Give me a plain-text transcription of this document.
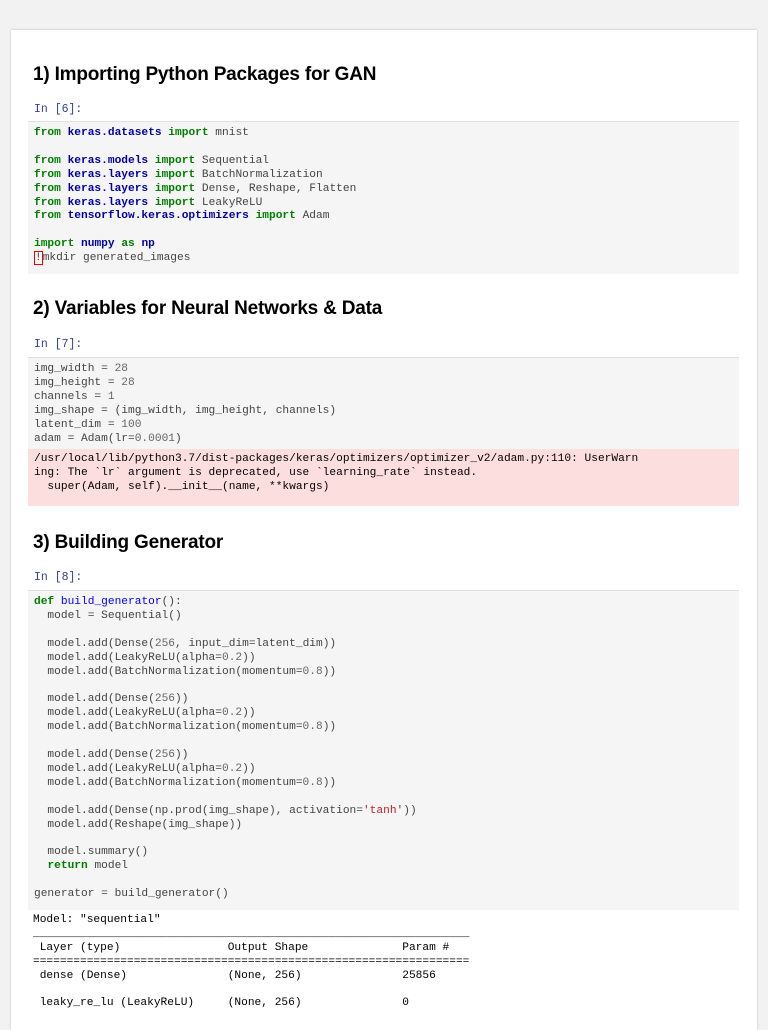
1) Importing Python Packages for GAN
In [6]:
from keras.datasets import mnist

from keras.models import Sequential
from keras.layers import BatchNormalization
from keras.layers import Dense, Reshape, Flatten
from keras.layers import LeakyReLU
from tensorflow.keras.optimizers import Adam

import numpy as np
!mkdir generated_images
2) Variables for Neural Networks & Data
In [7]:
img_width = 28
img_height = 28
channels = 1
img_shape = (img_width, img_height, channels)
latent_dim = 100
adam = Adam(lr=0.0001)
/usr/local/lib/python3.7/dist-packages/keras/optimizers/optimizer_v2/adam.py:110: UserWarn
ing: The `lr` argument is deprecated, use `learning_rate` instead.
super(Adam, self).__init__(name, **kwargs)
3) Building Generator
In [8]:
def build_generator():
model = Sequential()

model.add(Dense(256, input_dim=latent_dim))
model.add(LeakyReLU(alpha=0.2))
model.add(BatchNormalization(momentum=0.8))

model.add(Dense(256))
model.add(LeakyReLU(alpha=0.2))
model.add(BatchNormalization(momentum=0.8))

model.add(Dense(256))
model.add(LeakyReLU(alpha=0.2))
model.add(BatchNormalization(momentum=0.8))

model.add(Dense(np.prod(img_shape), activation='tanh'))
model.add(Reshape(img_shape))

model.summary()
return model

generator = build_generator()
Model: "sequential"
_________________________________________________________________
Layer (type)                Output Shape              Param #
=================================================================
dense (Dense)               (None, 256)               25856

leaky_re_lu (LeakyReLU)     (None, 256)               0
